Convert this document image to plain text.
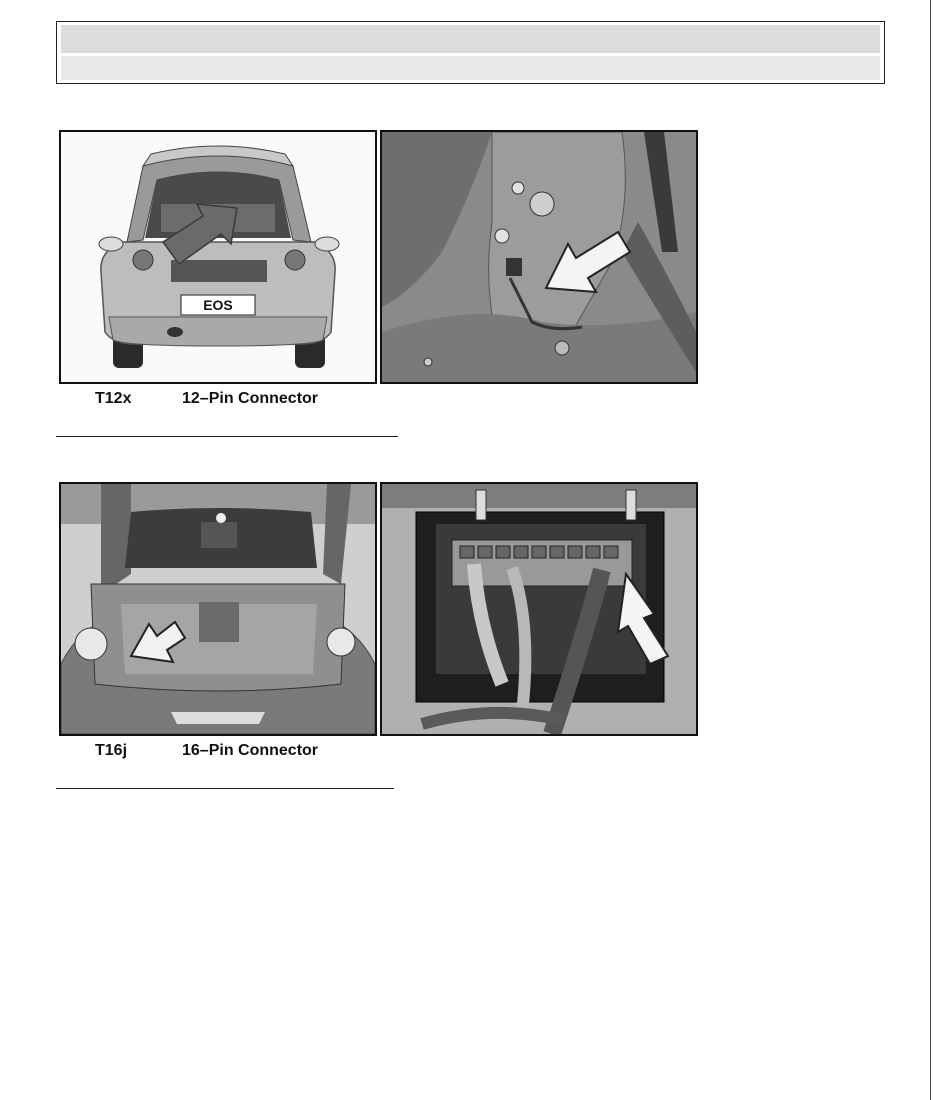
EOS
T12x	12–Pin Connector
T16j	16–Pin Connector
